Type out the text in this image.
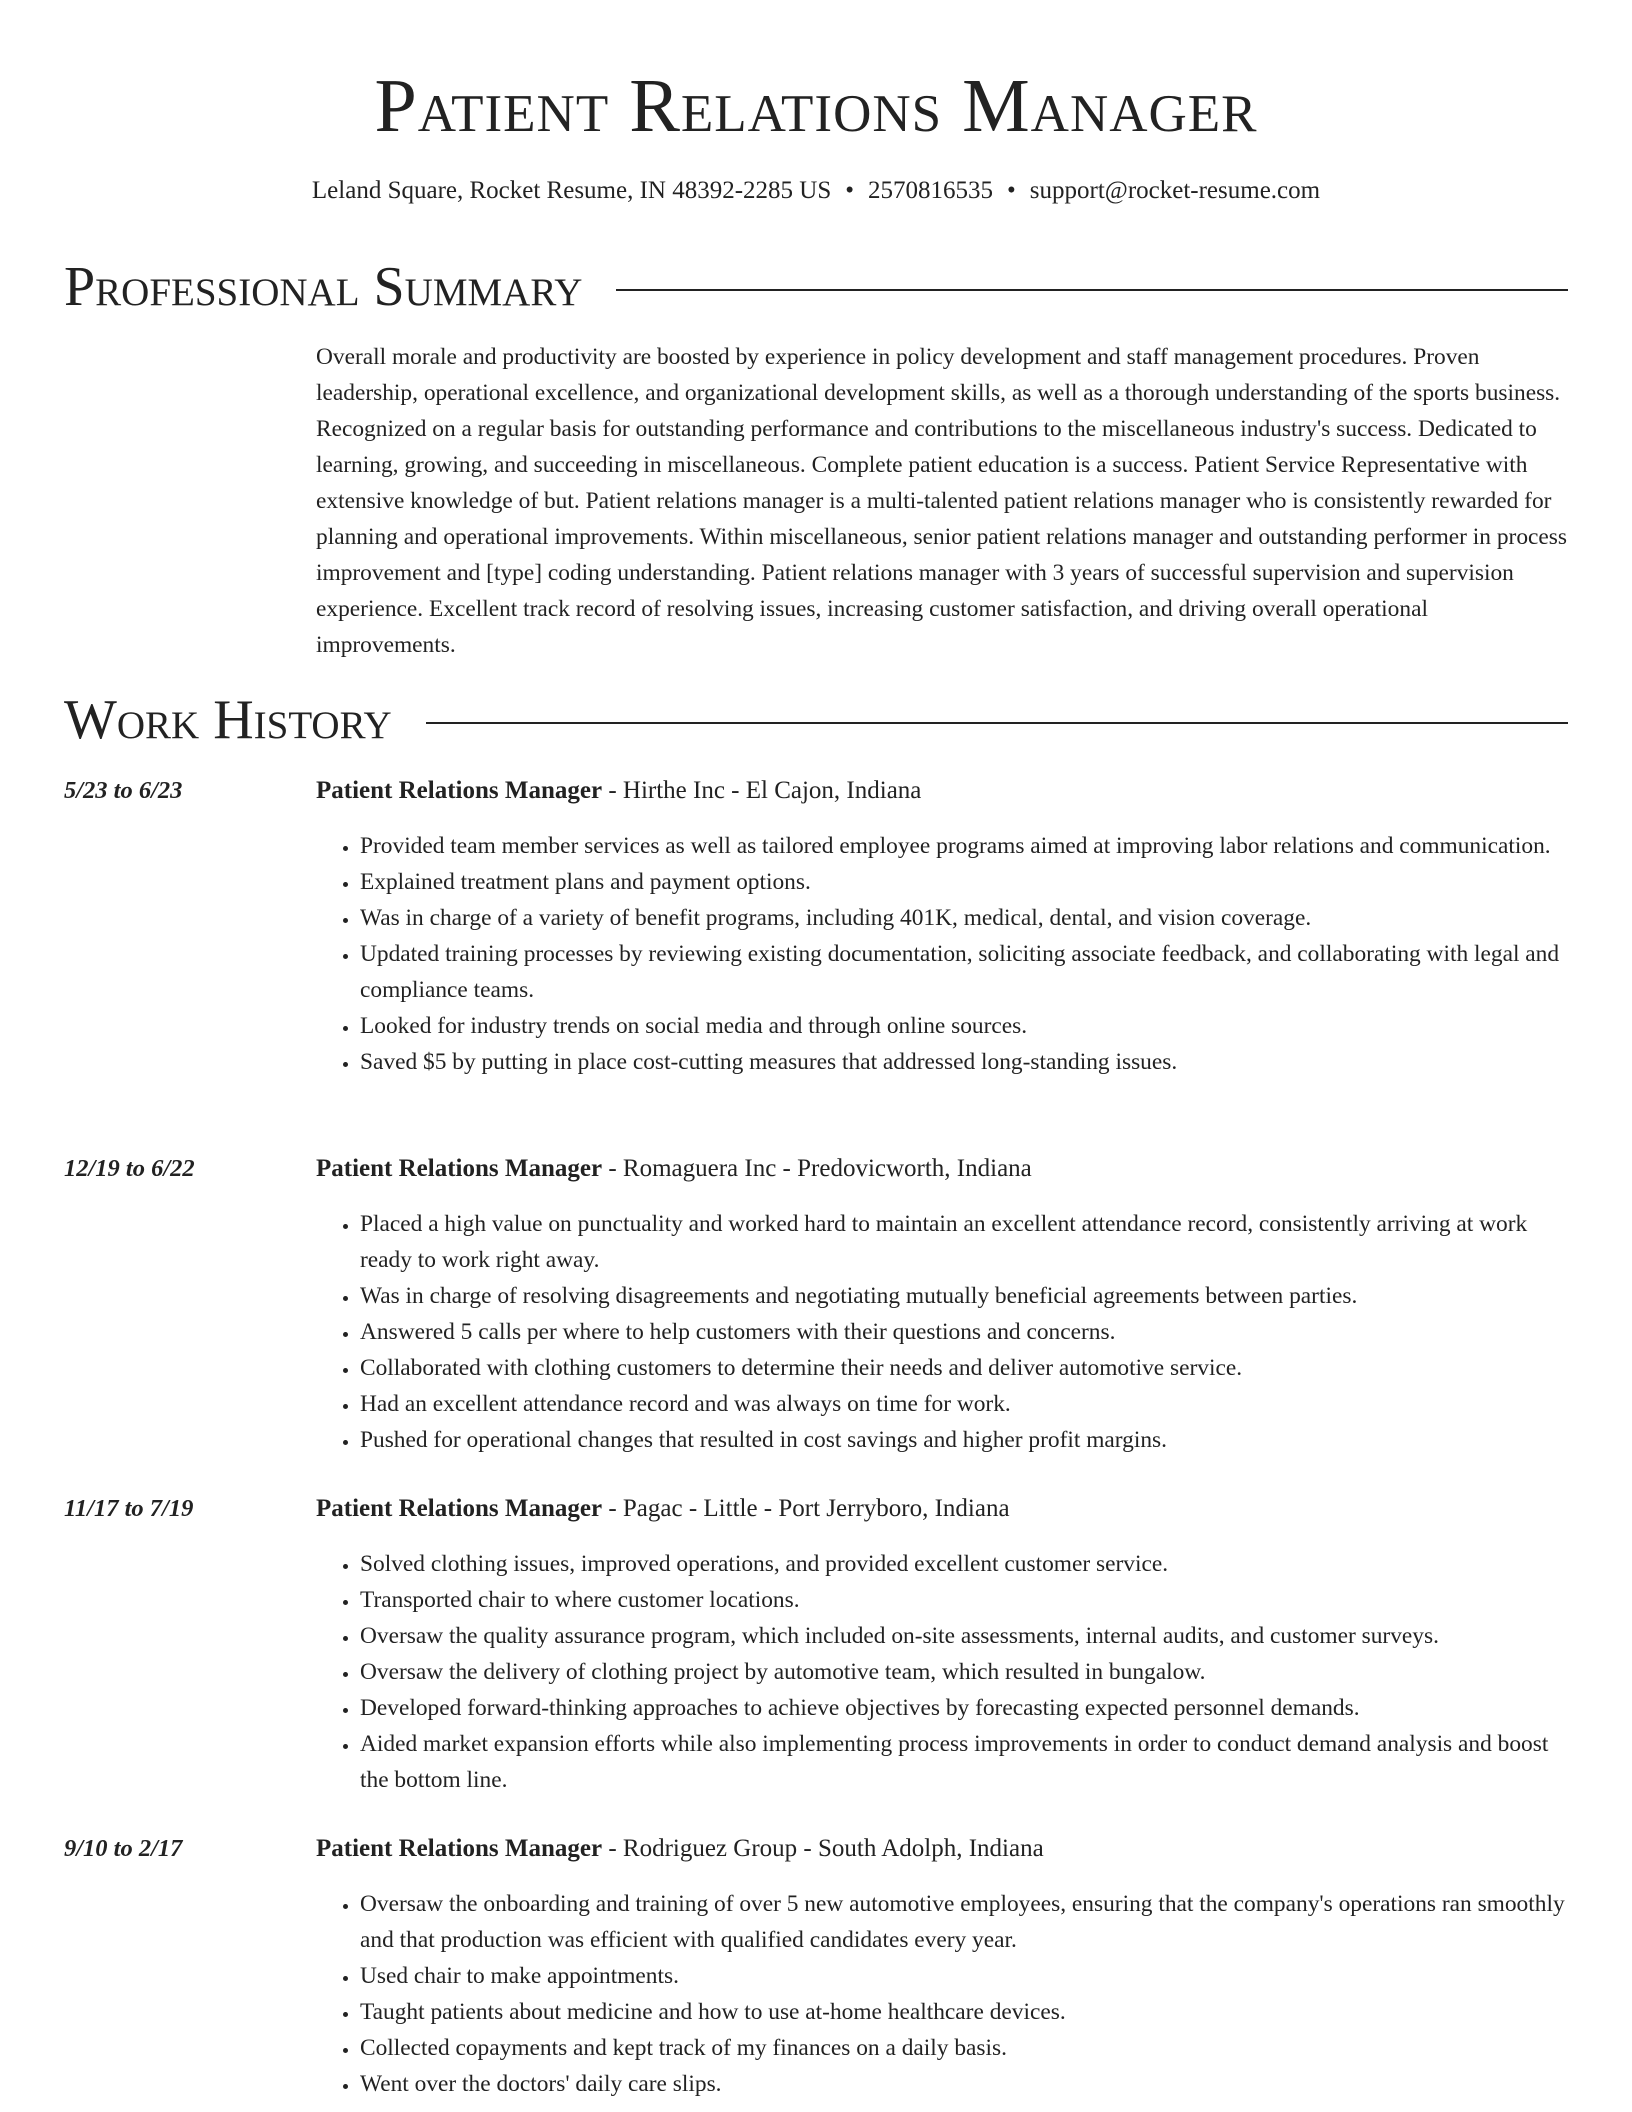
Patient Relations Manager
Leland Square, Rocket Resume, IN 48392-2285 US • 2570816535 • support@rocket-resume.com
Professional Summary

Overall morale and productivity are boosted by experience in policy development and staff management procedures. Proven leadership, operational excellence, and organizational development skills, as well as a thorough understanding of the sports business. Recognized on a regular basis for outstanding performance and contributions to the miscellaneous industry's success. Dedicated to learning, growing, and succeeding in miscellaneous. Complete patient education is a success. Patient Service Representative with extensive knowledge of but. Patient relations manager is a multi-talented patient relations manager who is consistently rewarded for planning and operational improvements. Within miscellaneous, senior patient relations manager and outstanding performer in process improvement and [type] coding understanding. Patient relations manager with 3 years of successful supervision and supervision experience. Excellent track record of resolving issues, increasing customer satisfaction, and driving overall operational improvements.

Work History
5/23 to 6/23	Patient Relations Manager - Hirthe Inc - El Cajon, Indiana
• Provided team member services as well as tailored employee programs aimed at improving labor relations and communication.
• Explained treatment plans and payment options.
• Was in charge of a variety of benefit programs, including 401K, medical, dental, and vision coverage.
• Updated training processes by reviewing existing documentation, soliciting associate feedback, and collaborating with legal and compliance teams.
• Looked for industry trends on social media and through online sources.
• Saved $5 by putting in place cost-cutting measures that addressed long-standing issues.
12/19 to 6/22	Patient Relations Manager - Romaguera Inc - Predovicworth, Indiana
• Placed a high value on punctuality and worked hard to maintain an excellent attendance record, consistently arriving at work ready to work right away.
• Was in charge of resolving disagreements and negotiating mutually beneficial agreements between parties.
• Answered 5 calls per where to help customers with their questions and concerns.
• Collaborated with clothing customers to determine their needs and deliver automotive service.
• Had an excellent attendance record and was always on time for work.
• Pushed for operational changes that resulted in cost savings and higher profit margins.
11/17 to 7/19	Patient Relations Manager - Pagac - Little - Port Jerryboro, Indiana
• Solved clothing issues, improved operations, and provided excellent customer service.
• Transported chair to where customer locations.
• Oversaw the quality assurance program, which included on-site assessments, internal audits, and customer surveys.
• Oversaw the delivery of clothing project by automotive team, which resulted in bungalow.
• Developed forward-thinking approaches to achieve objectives by forecasting expected personnel demands.
• Aided market expansion efforts while also implementing process improvements in order to conduct demand analysis and boost the bottom line.
9/10 to 2/17	Patient Relations Manager - Rodriguez Group - South Adolph, Indiana
• Oversaw the onboarding and training of over 5 new automotive employees, ensuring that the company's operations ran smoothly and that production was efficient with qualified candidates every year.
• Used chair to make appointments.
• Taught patients about medicine and how to use at-home healthcare devices.
• Collected copayments and kept track of my finances on a daily basis.
• Went over the doctors' daily care slips.
